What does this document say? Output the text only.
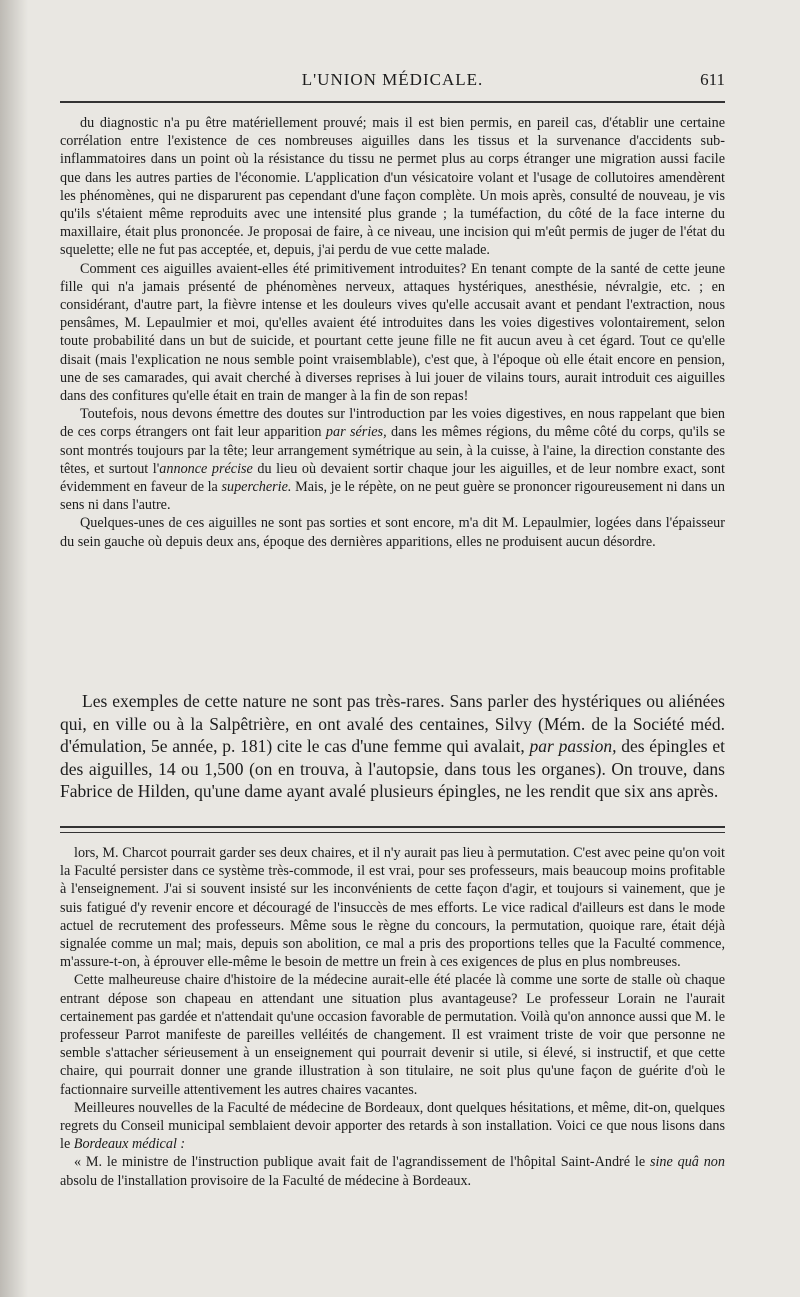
L'UNION MÉDICALE.	611

du diagnostic n'a pu être matériellement prouvé; mais il est bien permis, en pareil cas, d'établir une certaine corrélation entre l'existence de ces nombreuses aiguilles dans les tissus et la survenance d'accidents sub-inflammatoires dans un point où la résistance du tissu ne permet plus au corps étranger une migration aussi facile que dans les autres parties de l'économie. L'application d'un vésicatoire volant et l'usage de collutoires amendèrent les phénomènes, qui ne disparurent pas cependant d'une façon complète. Un mois après, consulté de nouveau, je vis qu'ils s'étaient même reproduits avec une intensité plus grande ; la tuméfaction, du côté de la face interne du maxillaire, était plus prononcée. Je proposai de faire, à ce niveau, une incision qui m'eût permis de juger de l'état du squelette; elle ne fut pas acceptée, et, depuis, j'ai perdu de vue cette malade.

Comment ces aiguilles avaient-elles été primitivement introduites? En tenant compte de la santé de cette jeune fille qui n'a jamais présenté de phénomènes nerveux, attaques hystériques, anesthésie, névralgie, etc. ; en considérant, d'autre part, la fièvre intense et les douleurs vives qu'elle accusait avant et pendant l'extraction, nous pensâmes, M. Lepaulmier et moi, qu'elles avaient été introduites dans les voies digestives volontairement, selon toute probabilité dans un but de suicide, et pourtant cette jeune fille ne fit aucun aveu à cet égard. Tout ce qu'elle disait (mais l'explication ne nous semble point vraisemblable), c'est que, à l'époque où elle était encore en pension, une de ses camarades, qui avait cherché à diverses reprises à lui jouer de vilains tours, aurait introduit ces aiguilles dans des confitures qu'elle était en train de manger à la fin de son repas!

Toutefois, nous devons émettre des doutes sur l'introduction par les voies digestives, en nous rappelant que bien de ces corps étrangers ont fait leur apparition par séries, dans les mêmes régions, du même côté du corps, qu'ils se sont montrés toujours par la tête; leur arrangement symétrique au sein, à la cuisse, à l'aine, la direction constante des têtes, et surtout l'annonce précise du lieu où devaient sortir chaque jour les aiguilles, et de leur nombre exact, sont évidemment en faveur de la supercherie. Mais, je le répète, on ne peut guère se prononcer rigoureusement ni dans un sens ni dans l'autre.

Quelques-unes de ces aiguilles ne sont pas sorties et sont encore, m'a dit M. Lepaulmier, logées dans l'épaisseur du sein gauche où depuis deux ans, époque des dernières apparitions, elles ne produisent aucun désordre.

Les exemples de cette nature ne sont pas très-rares. Sans parler des hystériques ou aliénées qui, en ville ou à la Salpêtrière, en ont avalé des centaines, Silvy (Mém. de la Société méd. d'émulation, 5e année, p. 181) cite le cas d'une femme qui avalait, par passion, des épingles et des aiguilles, 14 ou 1,500 (on en trouva, à l'autopsie, dans tous les organes). On trouve, dans Fabrice de Hilden, qu'une dame ayant avalé plusieurs épingles, ne les rendit que six ans après.

lors, M. Charcot pourrait garder ses deux chaires, et il n'y aurait pas lieu à permutation. C'est avec peine qu'on voit la Faculté persister dans ce système très-commode, il est vrai, pour ses professeurs, mais beaucoup moins profitable à l'enseignement. J'ai si souvent insisté sur les inconvénients de cette façon d'agir, et toujours si vainement, que je suis fatigué d'y revenir encore et découragé de l'insuccès de mes efforts. Le vice radical d'ailleurs est dans le mode actuel de recrutement des professeurs. Même sous le règne du concours, la permutation, quoique rare, était déjà signalée comme un mal; mais, depuis son abolition, ce mal a pris des proportions telles que la Faculté commence, m'assure-t-on, à éprouver elle-même le besoin de mettre un frein à ces exigences de plus en plus nombreuses.

Cette malheureuse chaire d'histoire de la médecine aurait-elle été placée là comme une sorte de stalle où chaque entrant dépose son chapeau en attendant une situation plus avantageuse? Le professeur Lorain ne l'aurait certainement pas gardée et n'attendait qu'une occasion favorable de permutation. Voilà qu'on annonce aussi que M. le professeur Parrot manifeste de pareilles velléités de changement. Il est vraiment triste de voir que personne ne semble s'attacher sérieusement à un enseignement qui pourrait devenir si utile, si élevé, si instructif, et que cette chaire, qui pourrait donner une grande illustration à son titulaire, ne soit plus qu'une façon de guérite d'où le factionnaire surveille attentivement les autres chaires vacantes.

Meilleures nouvelles de la Faculté de médecine de Bordeaux, dont quelques hésitations, et même, dit-on, quelques regrets du Conseil municipal semblaient devoir apporter des retards à son installation. Voici ce que nous lisons dans le Bordeaux médical :

« M. le ministre de l'instruction publique avait fait de l'agrandissement de l'hôpital Saint-André le sine quâ non absolu de l'installation provisoire de la Faculté de médecine à Bordeaux.
